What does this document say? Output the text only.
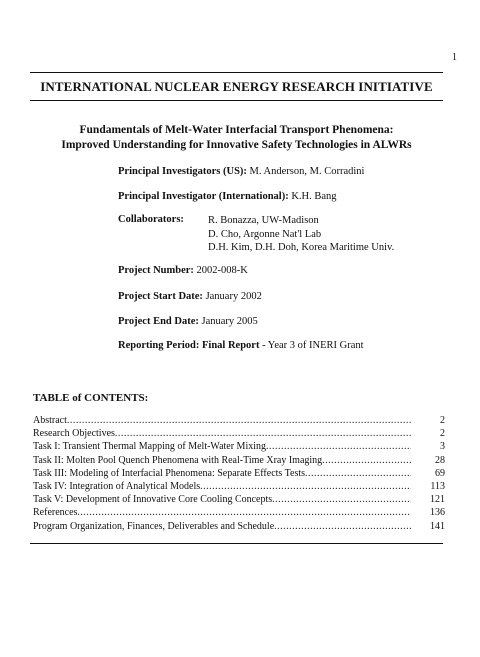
1
INTERNATIONAL NUCLEAR ENERGY RESEARCH INITIATIVE
Fundamentals of Melt-Water Interfacial Transport Phenomena:
Improved Understanding for Innovative Safety Technologies in ALWRs
Principal Investigators (US): M. Anderson, M. Corradini
Principal Investigator (International): K.H. Bang
Collaborators: R. Bonazza, UW-Madison
D. Cho, Argonne Nat'l Lab
D.H. Kim, D.H. Doh, Korea Maritime Univ.
Project Number: 2002-008-K
Project Start Date: January 2002
Project End Date: January 2005
Reporting Period: Final Report - Year 3 of INERI Grant
TABLE of CONTENTS:
Abstract .....	2
Research Objectives .....	2
Task I: Transient Thermal Mapping of Melt-Water Mixing .....	3
Task II: Molten Pool Quench Phenomena with Real-Time Xray Imaging .....	28
Task III: Modeling of Interfacial Phenomena: Separate Effects Tests .....	69
Task IV: Integration of Analytical Models .....	113
Task V: Development of Innovative Core Cooling Concepts .....	121
References .....	136
Program Organization, Finances, Deliverables and Schedule .....	141
